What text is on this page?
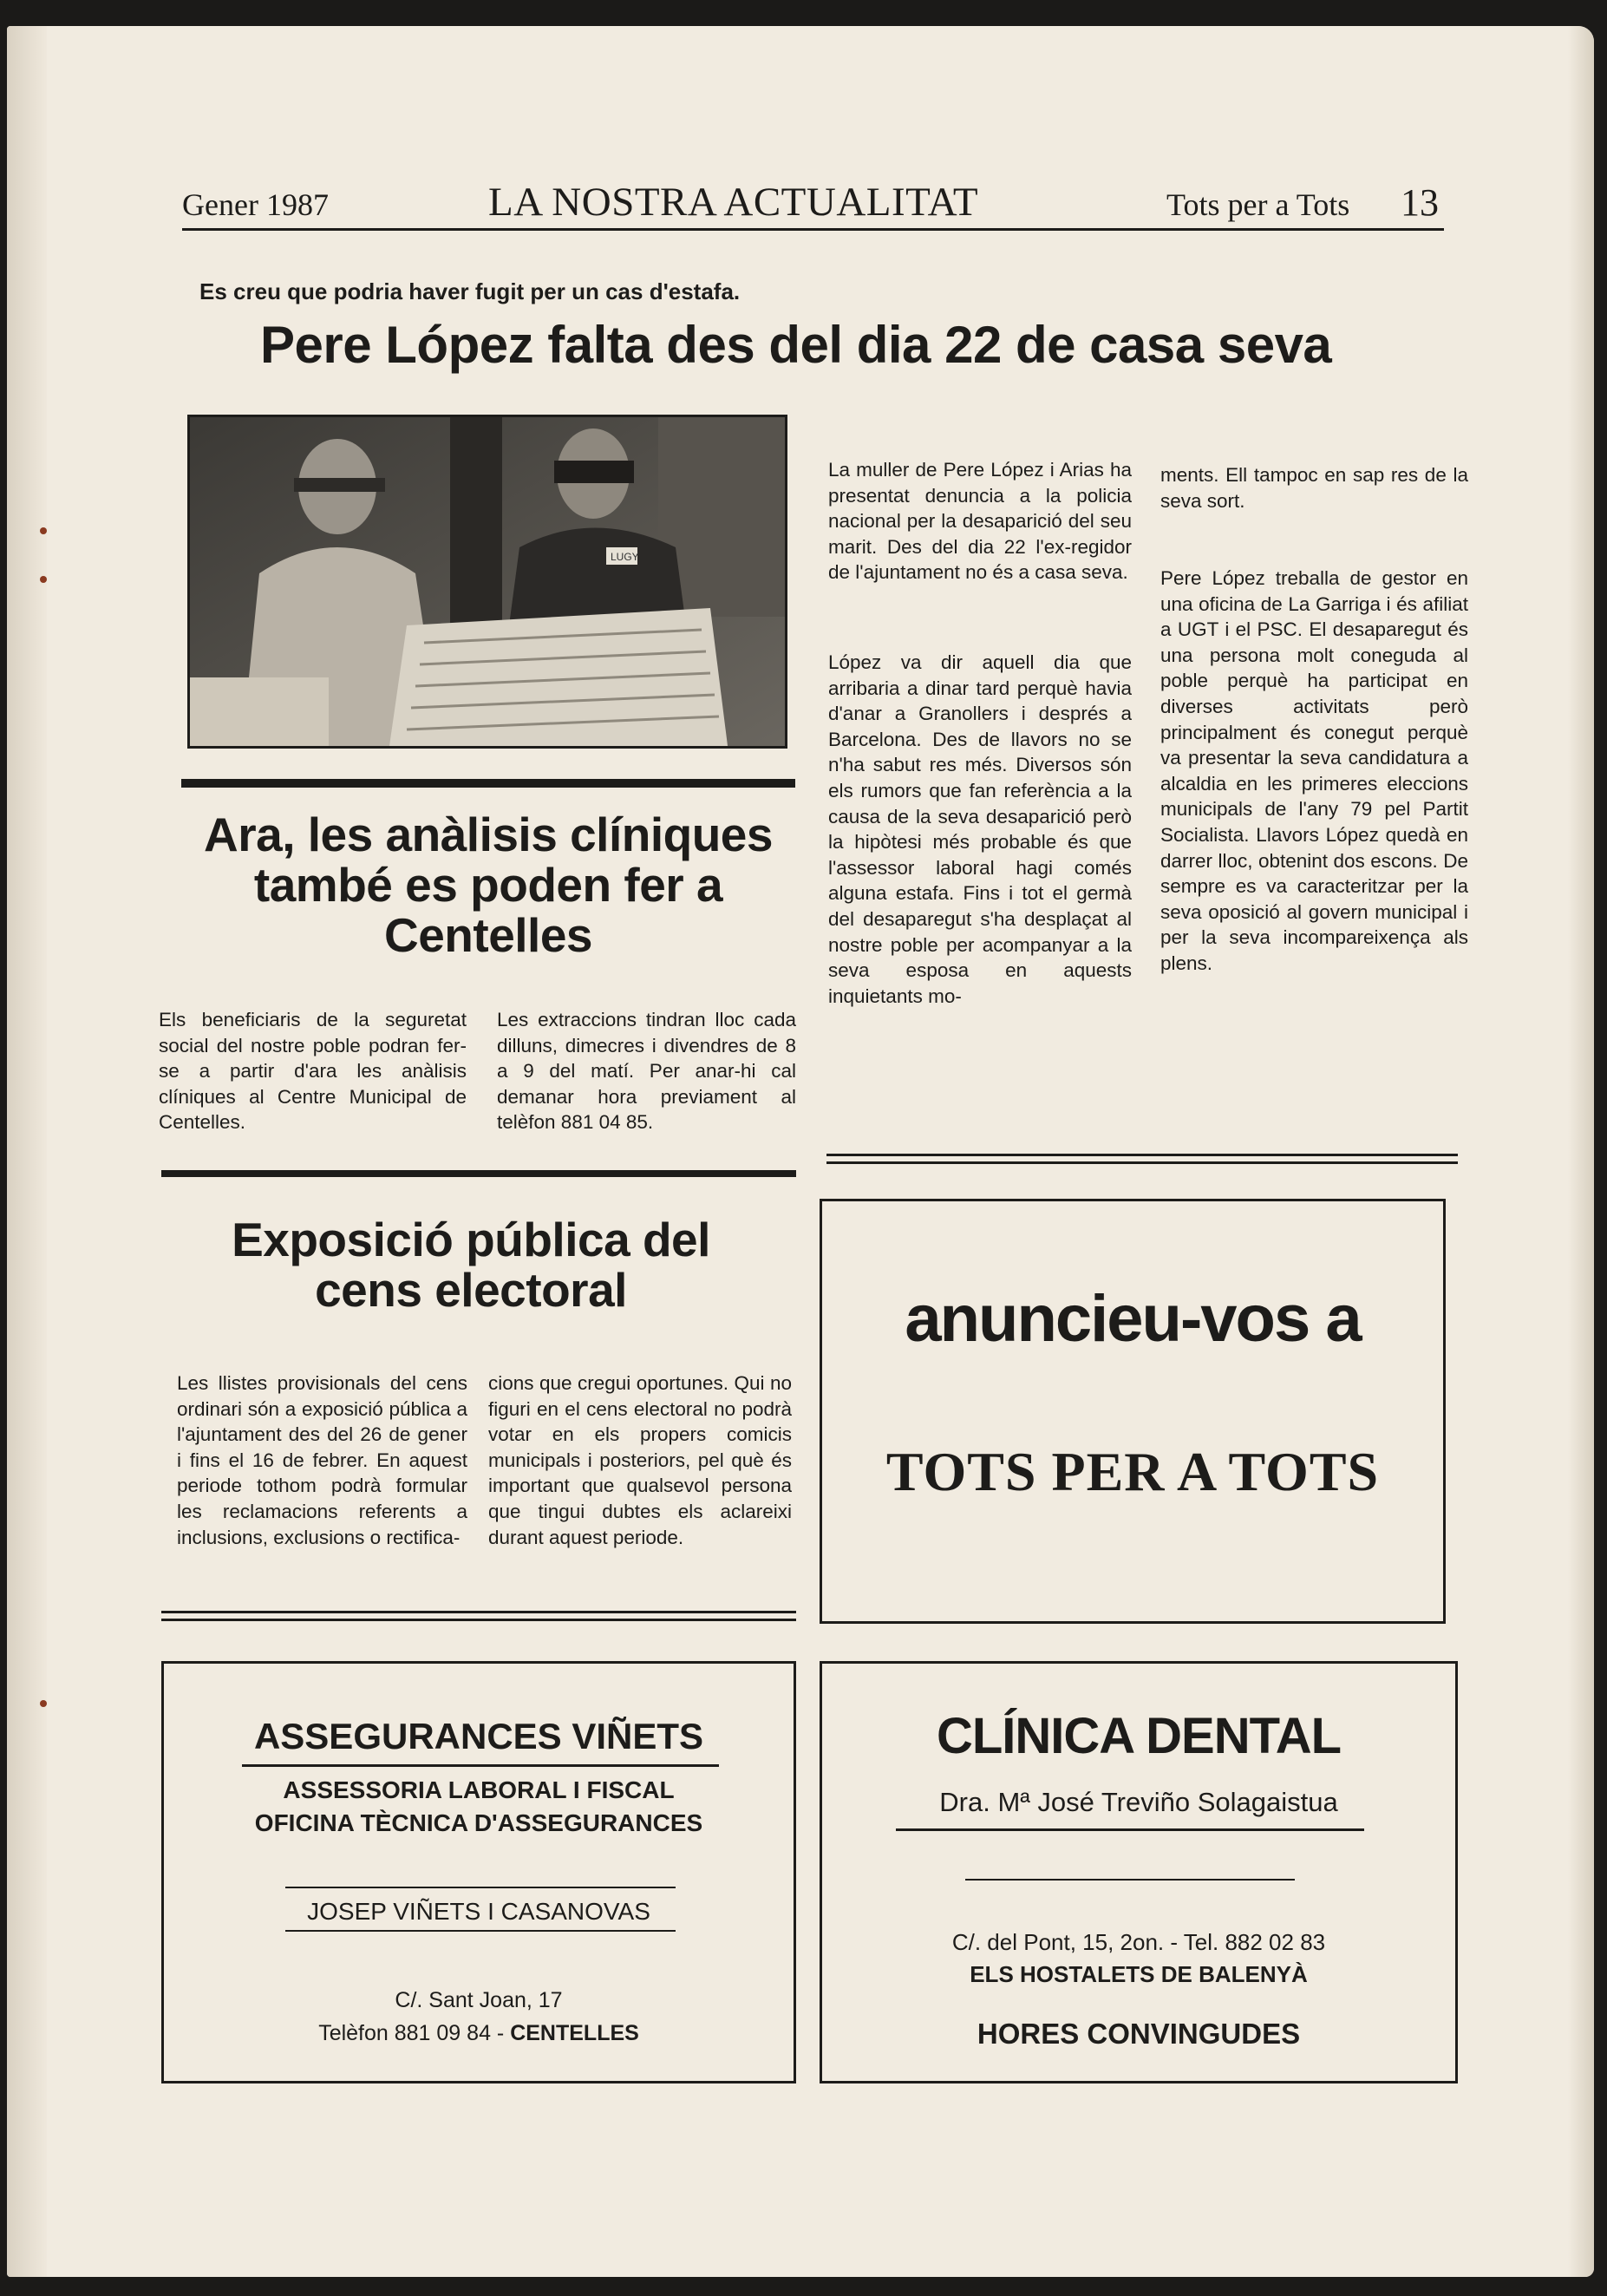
Gener 1987	LA NOSTRA ACTUALITAT	Tots per a Tots 13
Es creu que podria haver fugit per un cas d'estafa.
Pere López falta des del dia 22 de casa seva
LUGY
La muller de Pere López i Arias ha presentat denuncia a la policia nacional per la desaparició del seu marit. Des del dia 22 l'ex-regidor de l'ajuntament no és a casa seva.
López va dir aquell dia que arribaria a dinar tard perquè havia d'anar a Granollers i després a Barcelona. Des de llavors no se n'ha sabut res més. Diversos són els rumors que fan referència a la causa de la seva desaparició però la hipòtesi més probable és que l'assessor laboral hagi comés alguna estafa. Fins i tot el germà del desaparegut s'ha desplaçat al nostre poble per acompanyar a la seva esposa en aquests inquietants mo-
ments. Ell tampoc en sap res de la seva sort.
Pere López treballa de gestor en una oficina de La Garriga i és afiliat a UGT i el PSC. El desaparegut és una persona molt coneguda al poble perquè ha participat en diverses activitats però principalment és conegut perquè va presentar la seva candidatura a alcaldia en les primeres eleccions municipals de l'any 79 pel Partit Socialista. Llavors López quedà en darrer lloc, obtenint dos escons. De sempre es va caracteritzar per la seva oposició al govern municipal i per la seva incompareixença als plens.
Ara, les anàlisis clíniques també es poden fer a Centelles
Els beneficiaris de la seguretat social del nostre poble podran fer-se a partir d'ara les anàlisis clíniques al Centre Municipal de Centelles.
Les extraccions tindran lloc cada dilluns, dimecres i divendres de 8 a 9 del matí. Per anar-hi cal demanar hora previament al telèfon 881 04 85.
Exposició pública del cens electoral
Les llistes provisionals del cens ordinari són a exposició pública a l'ajuntament des del 26 de gener i fins el 16 de febrer. En aquest periode tothom podrà formular les reclamacions referents a inclusions, exclusions o rectifica-
cions que cregui oportunes. Qui no figuri en el cens electoral no podrà votar en els propers comicis municipals i posteriors, pel què és important que qualsevol persona que tingui dubtes els aclareixi durant aquest periode.
anuncieu-vos a
TOTS PER A TOTS
ASSEGURANCES VIÑETS
ASSESSORIA LABORAL I FISCAL
OFICINA TÈCNICA D'ASSEGURANCES
JOSEP VIÑETS I CASANOVAS
C/. Sant Joan, 17
Telèfon 881 09 84 - CENTELLES
CLÍNICA DENTAL
Dra. Mª José Treviño Solagaistua
C/. del Pont, 15, 2on. - Tel. 882 02 83
ELS HOSTALETS DE BALENYÀ
HORES CONVINGUDES
